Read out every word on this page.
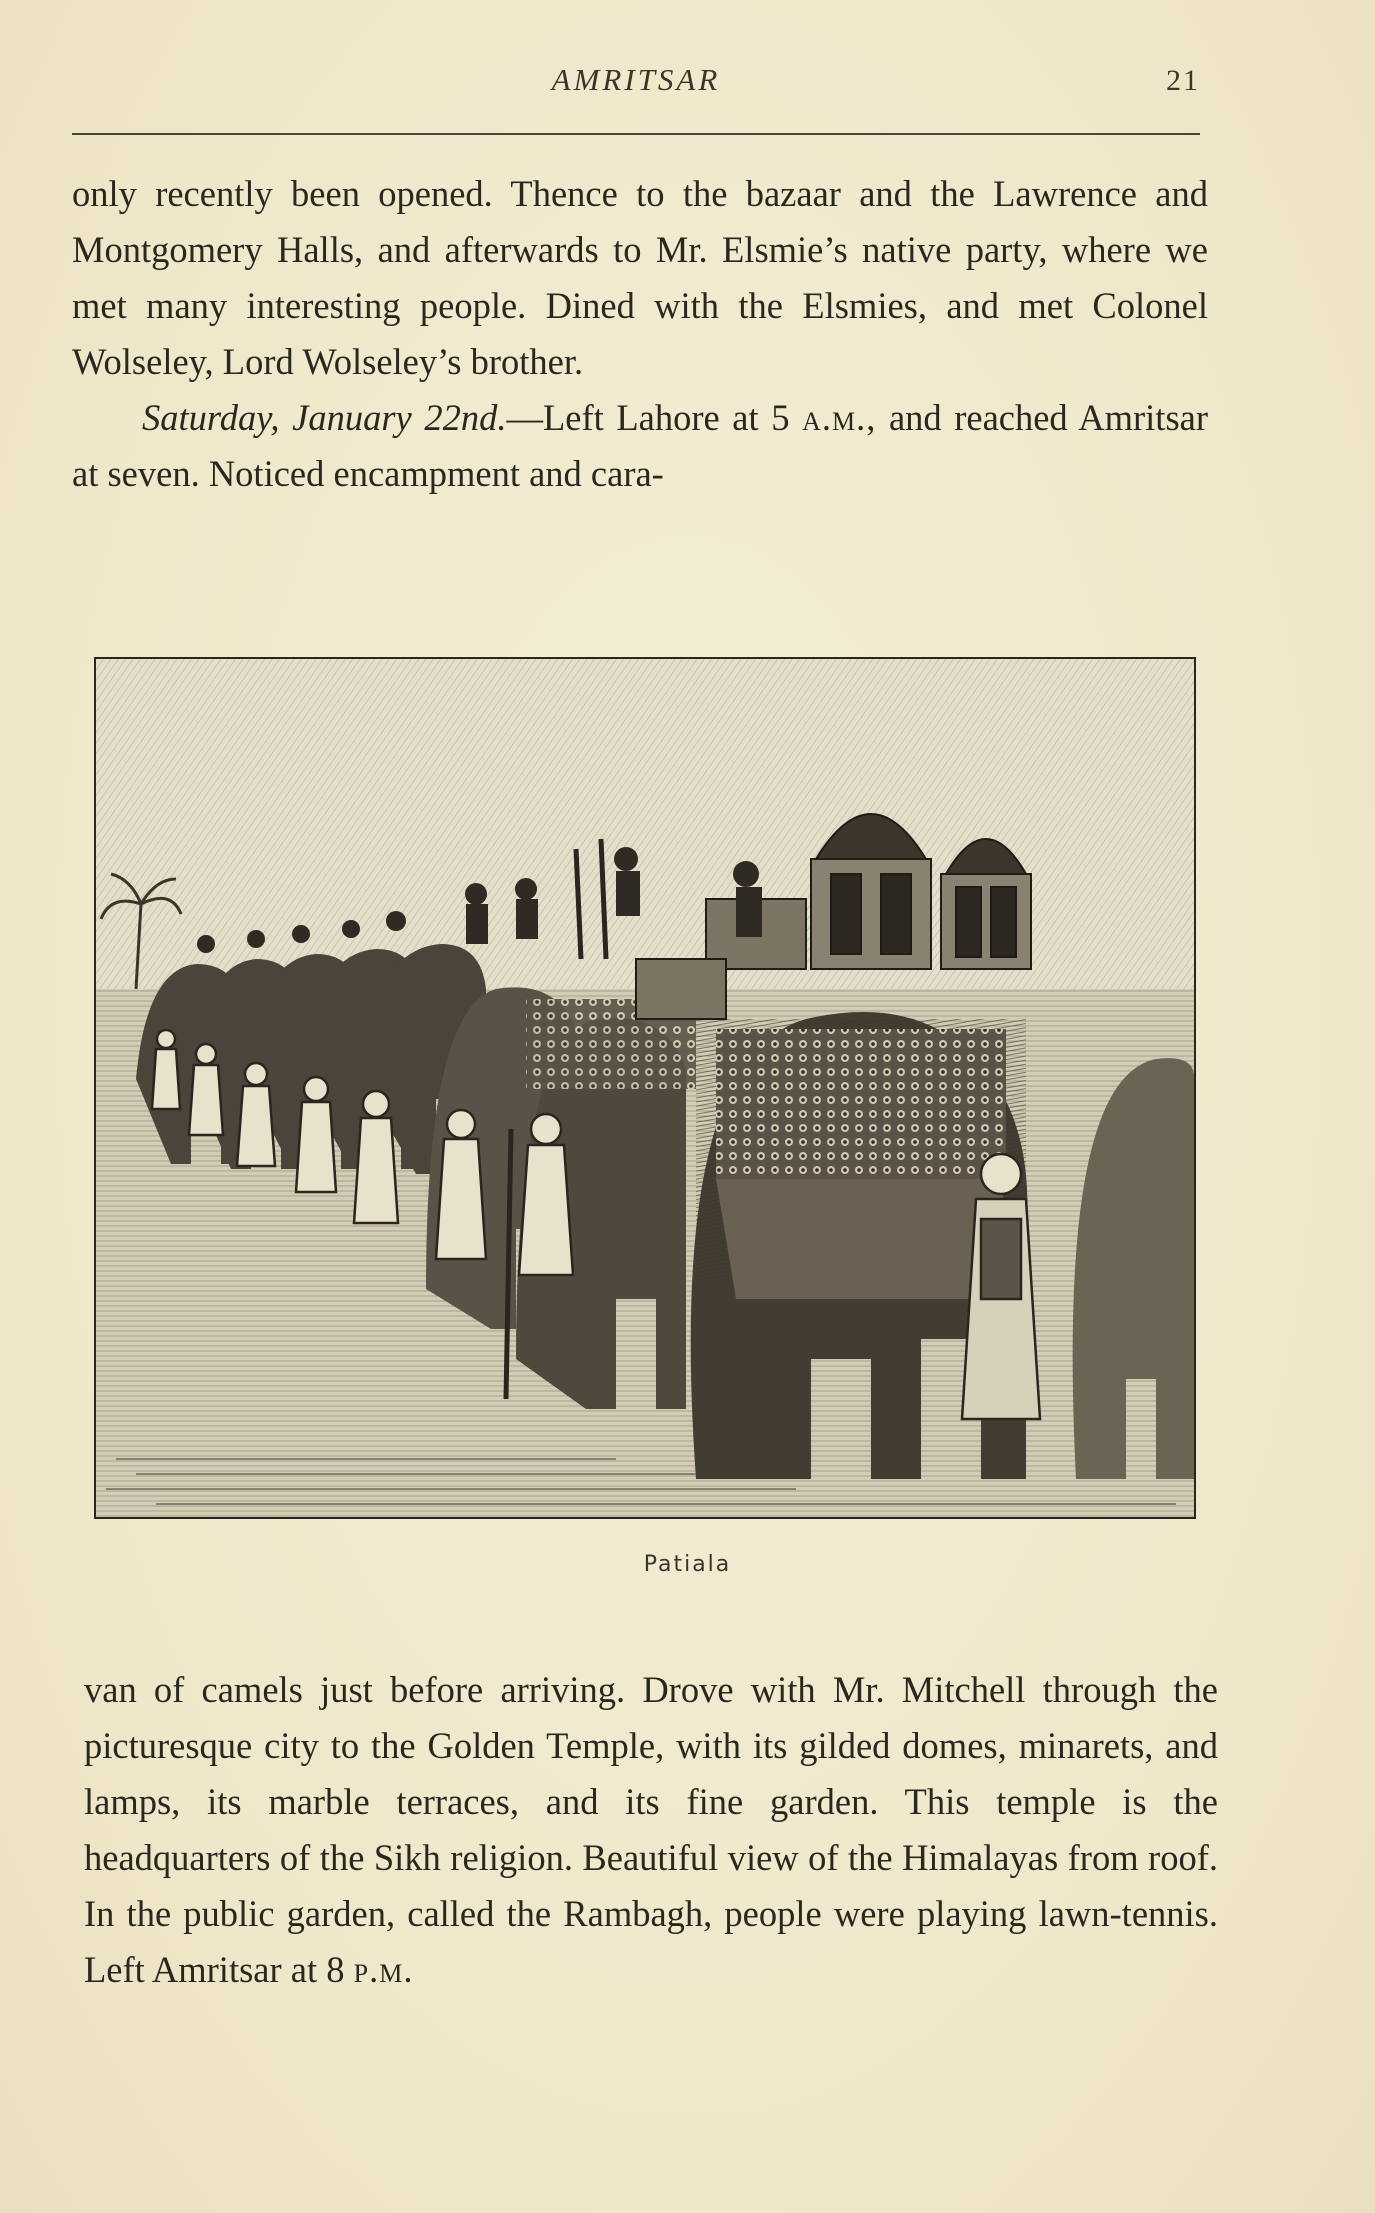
AMRITSAR	21

only recently been opened. Thence to the bazaar and the Lawrence and Montgomery Halls, and afterwards to Mr. Elsmie’s native party, where we met many interesting people. Dined with the Elsmies, and met Colonel Wolseley, Lord Wolseley’s brother.

Saturday, January 22nd.—Left Lahore at 5 a.m., and reached Amritsar at seven. Noticed encampment and cara-

Patiala

van of camels just before arriving. Drove with Mr. Mitchell through the picturesque city to the Golden Temple, with its gilded domes, minarets, and lamps, its marble terraces, and its fine garden. This temple is the headquarters of the Sikh religion. Beautiful view of the Himalayas from roof. In the public garden, called the Rambagh, people were playing lawn-tennis. Left Amritsar at 8 p.m.
